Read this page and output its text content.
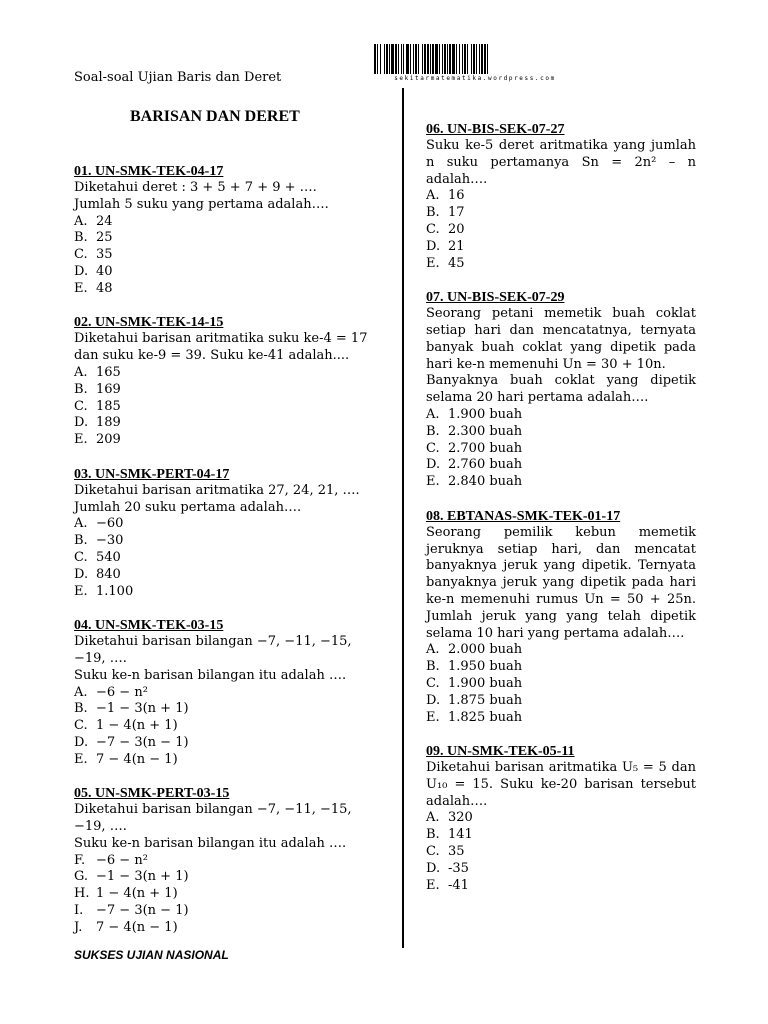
Soal-soal Ujian Baris dan Deret	sekitarmatematika.wordpress.com
BARISAN DAN DERET
01. UN-SMK-TEK-04-17
Diketahui deret : 3 + 5 + 7 + 9 + ….
Jumlah 5 suku yang pertama adalah….
A. 24
B. 25
C. 35
D. 40
E. 48
02. UN-SMK-TEK-14-15
Diketahui barisan aritmatika suku ke-4 = 17 dan suku ke-9 = 39. Suku ke-41 adalah....
A. 165
B. 169
C. 185
D. 189
E. 209
03. UN-SMK-PERT-04-17
Diketahui barisan aritmatika 27, 24, 21, ….
Jumlah 20 suku pertama adalah….
A. −60
B. −30
C. 540
D. 840
E. 1.100
04. UN-SMK-TEK-03-15
Diketahui barisan bilangan −7, −11, −15, −19, ….
Suku ke-n barisan bilangan itu adalah ….
A. −6 − n²
B. −1 − 3(n + 1)
C. 1 − 4(n + 1)
D. −7 − 3(n − 1)
E. 7 − 4(n − 1)
05. UN-SMK-PERT-03-15
Diketahui barisan bilangan −7, −11, −15, −19, ….
Suku ke-n barisan bilangan itu adalah ….
F. −6 − n²
G. −1 − 3(n + 1)
H. 1 − 4(n + 1)
I. −7 − 3(n − 1)
J.	7 − 4(n − 1)
06. UN-BIS-SEK-07-27
Suku ke-5 deret aritmatika yang jumlah n suku pertamanya Sn = 2n² – n adalah….
A. 16
B. 17
C. 20
D. 21
E. 45
07. UN-BIS-SEK-07-29
Seorang petani memetik buah coklat setiap hari dan mencatatnya, ternyata banyak buah coklat yang dipetik pada hari ke-n memenuhi Un = 30 + 10n.
Banyaknya buah coklat yang dipetik selama 20 hari pertama adalah….
A. 1.900 buah
B. 2.300 buah
C. 2.700 buah
D. 2.760 buah
E. 2.840 buah
08. EBTANAS-SMK-TEK-01-17
Seorang pemilik kebun memetik jeruknya setiap hari, dan mencatat banyaknya jeruk yang dipetik. Ternyata banyaknya jeruk yang dipetik pada hari ke-n memenuhi rumus Un = 50 + 25n. Jumlah jeruk yang yang telah dipetik selama 10 hari yang pertama adalah….
A. 2.000 buah
B. 1.950 buah
C. 1.900 buah
D. 1.875 buah
E. 1.825 buah
09. UN-SMK-TEK-05-11
Diketahui barisan aritmatika U₅ = 5 dan U₁₀ = 15. Suku ke-20 barisan tersebut adalah….
A. 320
B. 141
C. 35
D. -35
E. -41
SUKSES UJIAN NASIONAL
